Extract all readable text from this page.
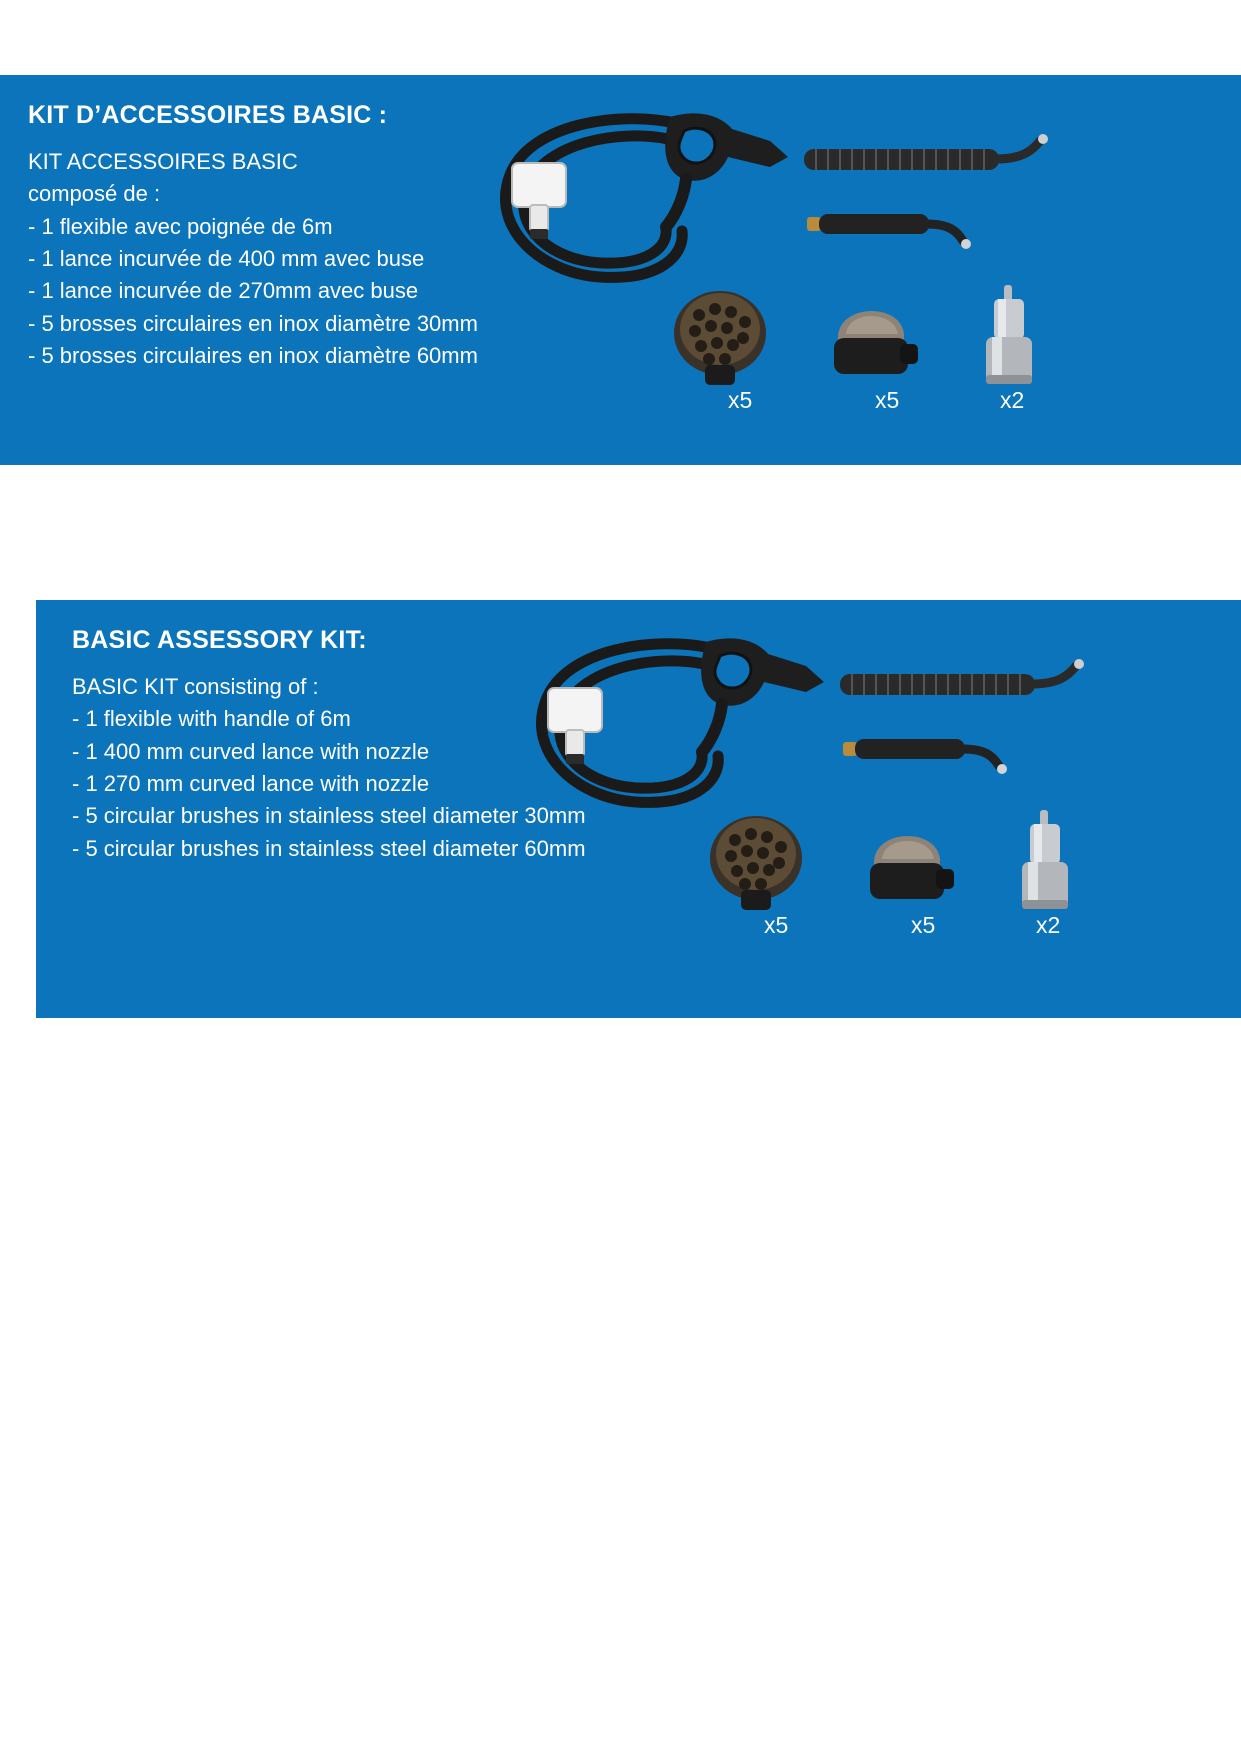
KIT D’ACCESSOIRES BASIC :
KIT ACCESSOIRES BASIC
composé de :
- 1 flexible avec poignée de 6m
- 1 lance incurvée de 400 mm avec buse
- 1 lance incurvée de 270mm avec buse
- 5 brosses circulaires en inox diamètre 30mm
- 5 brosses circulaires en inox diamètre 60mm
x5	x5	x2
BASIC ASSESSORY KIT:
BASIC KIT consisting of :
- 1 flexible with handle of 6m
- 1 400 mm curved lance with nozzle
- 1 270 mm curved lance with nozzle
- 5 circular brushes in stainless steel diameter 30mm
- 5 circular brushes in stainless steel diameter 60mm
x5	x5	x2
